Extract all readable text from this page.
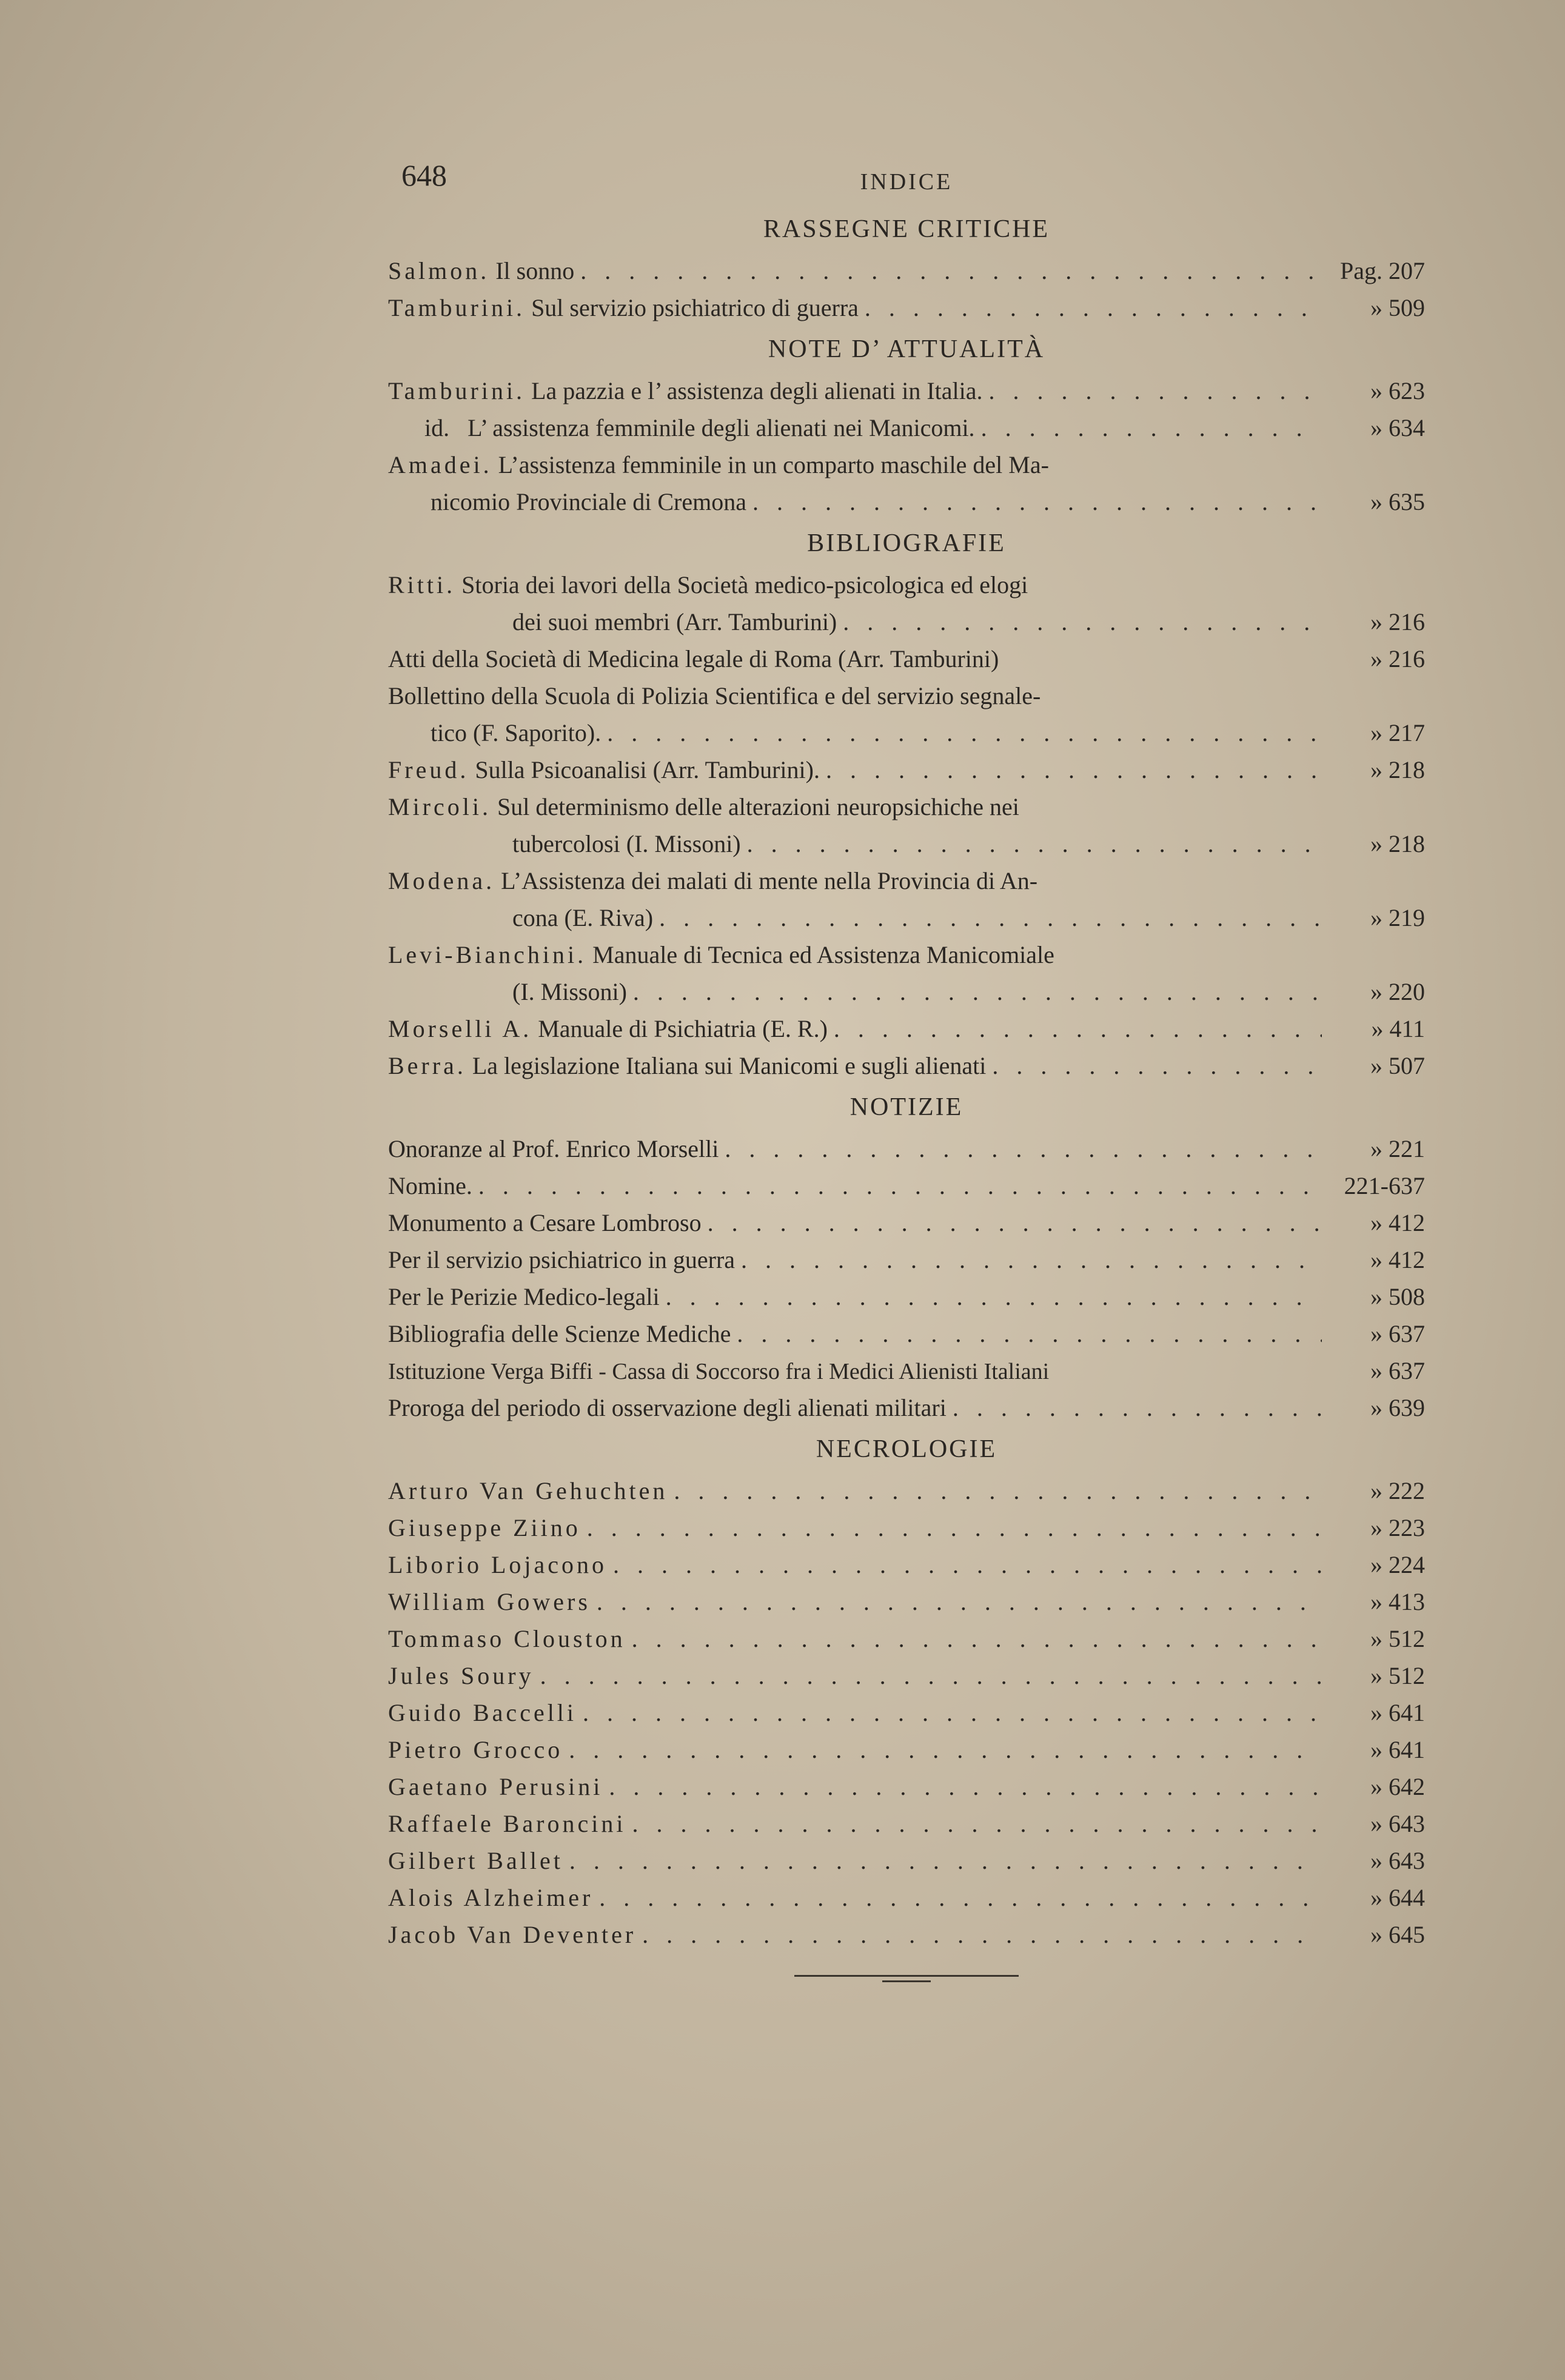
648	INDICE
RASSEGNE CRITICHE
Salmon. Il sonno . . .	Pag. 207
Tamburini. Sul servizio psichiatrico di guerra . . .	» 509
NOTE D’ ATTUALITÀ
Tamburini. La pazzia e l’ assistenza degli alienati in Italia. . . .	» 623
id.   L’ assistenza femminile degli alienati nei Manicomi. . . .	» 634
Amadei. L’assistenza femminile in un comparto maschile del Ma-
nicomio Provinciale di Cremona . . .	» 635
BIBLIOGRAFIE
Ritti. Storia dei lavori della Società medico-psicologica ed elogi
dei suoi membri (Arr. Tamburini) . . .	» 216
Atti della Società di Medicina legale di Roma (Arr. Tamburini)	» 216
Bollettino della Scuola di Polizia Scientifica e del servizio segnale-
tico (F. Saporito). . . .	» 217
Freud. Sulla Psicoanalisi (Arr. Tamburini). . . .	» 218
Mircoli. Sul determinismo delle alterazioni neuropsichiche nei
tubercolosi (I. Missoni) . . .	» 218
Modena. L’Assistenza dei malati di mente nella Provincia di An-
cona (E. Riva) . . .	» 219
Levi-Bianchini. Manuale di Tecnica ed Assistenza Manicomiale
(I. Missoni) . . .	» 220
Morselli A. Manuale di Psichiatria (E. R.) . . .	» 411
Berra. La legislazione Italiana sui Manicomi e sugli alienati . . .	» 507
NOTIZIE
Onoranze al Prof. Enrico Morselli . . .	» 221
Nomine. . . .	221-637
Monumento a Cesare Lombroso . . .	» 412
Per il servizio psichiatrico in guerra . . .	» 412
Per le Perizie Medico-legali . . .	» 508
Bibliografia delle Scienze Mediche . . .	» 637
Istituzione Verga Biffi - Cassa di Soccorso fra i Medici Alienisti Italiani	» 637
Proroga del periodo di osservazione degli alienati militari . . .	» 639
NECROLOGIE
Arturo Van Gehuchten . . .	» 222
Giuseppe Ziino . . .	» 223
Liborio Lojacono . . .	» 224
William Gowers . . .	» 413
Tommaso Clouston . . .	» 512
Jules Soury . . .	» 512
Guido Baccelli . . .	» 641
Pietro Grocco . . .	» 641
Gaetano Perusini . . .	» 642
Raffaele Baroncini . . .	» 643
Gilbert Ballet . . .	» 643
Alois Alzheimer . . .	» 644
Jacob Van Deventer . . .	» 645
